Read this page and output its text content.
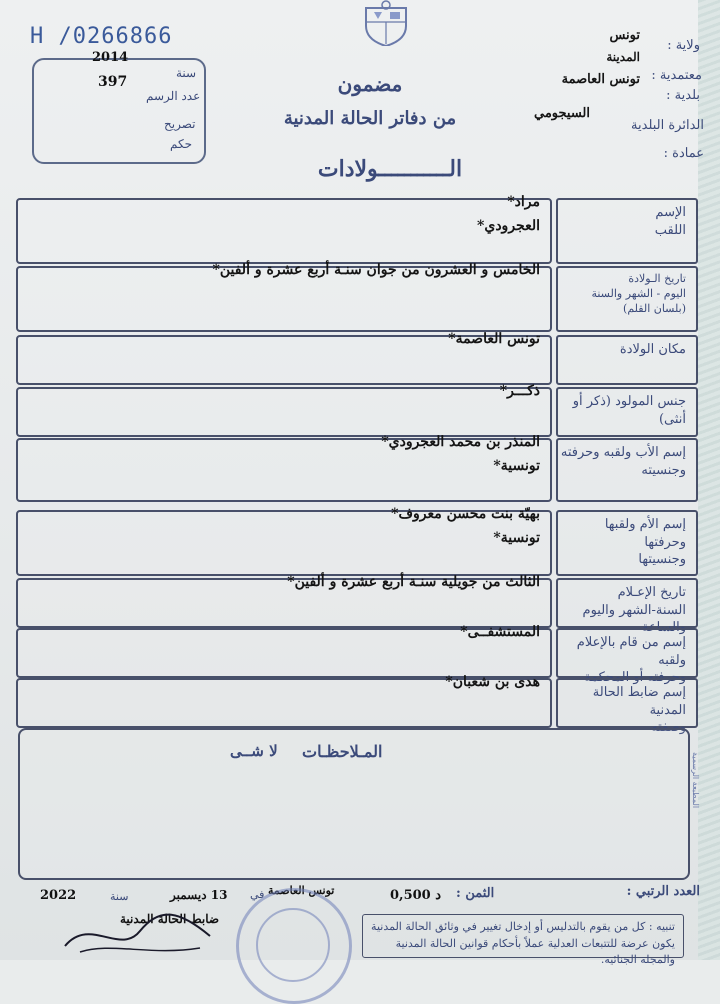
H /0266866
2014
سنة
397
عدد الرسم
تصريح
حكم
ولاية :
تونس
المدينة
معتمدية :
تونس العاصمة
بلدية :
السيجومي
الدائرة البلدية
عمادة :
مضمون
من دفاتر الحالة المدنية
الـــــــــــولادات
الإسم
اللقب
مراد*
العجرودي*
تاريخ الـولادة
اليوم - الشهر والسنة
(بلسان القلم)
الخامس و العشرون من جوان سنـة أربع عشرة و ألفين*
مكان الولادة
تونس العاصمة*
جنس المولود (ذكر أو أنثى)
ذكـــر*
إسم الأب ولقبه وحرفته
وجنسيته
المنذر بن محمد العجرودي*
تونسية*
إسم الأم ولقبها وحرفتها
وجنسيتها
بهيّة بنت محسن معروف*
تونسية*
تاريخ الإعـلام
السنة-الشهر واليوم والساعة
الثالث من جويلية سنـة أربع عشرة و ألفين*
إسم من قام بالإعلام ولقبه
وحرفته أو المحكمة
المستشفــى*
إسم ضابط الحالة المدنية
وصفته
هدى بن شعبان*
المـلاحظـات
لا شــى
المطبعة الرسمية
العدد الرتبي :
الثمن :
0,500 د
تونس العاصمة
في
13 ديسمبر
سنة
2022
ضابط الحالة المدنية
تنبيه : كل من يقوم بالتدليس أو إدخال تغيير في وثائق الحالة المدنية يكون عرضة للتتبعات العدلية عملاً بأحكام قوانين الحالة المدنية والمجلة الجنائية.
